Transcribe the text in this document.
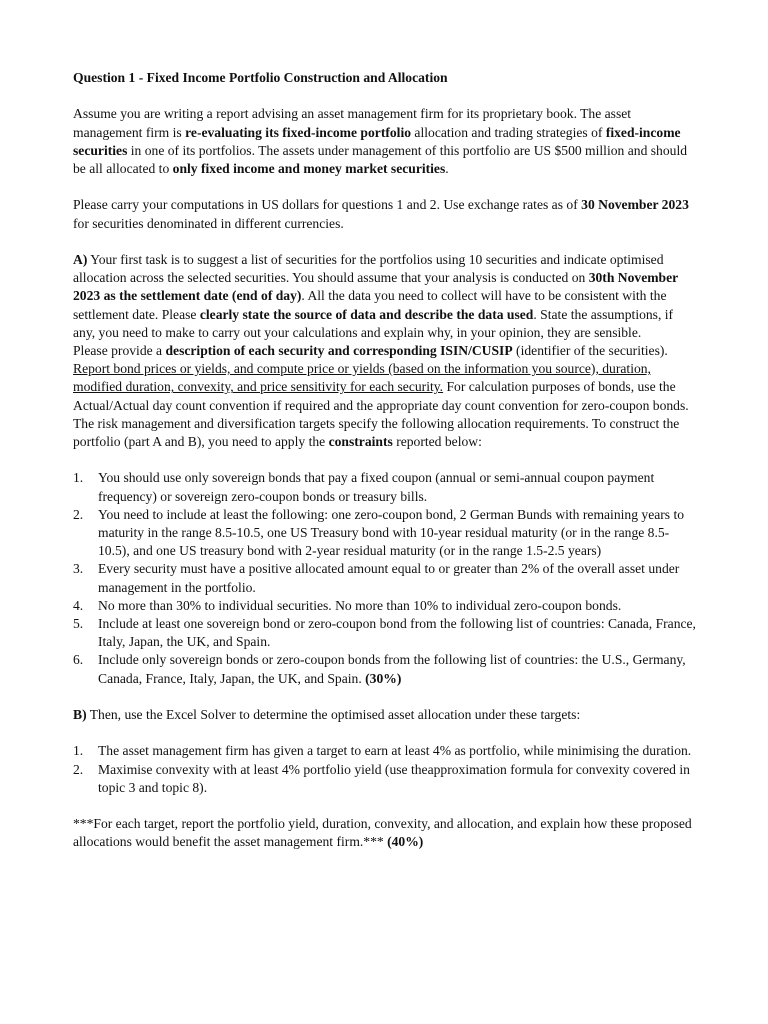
Question 1 - Fixed Income Portfolio Construction and Allocation

Assume you are writing a report advising an asset management firm for its proprietary book. The asset management firm is re-evaluating its fixed-income portfolio allocation and trading strategies of fixed-income securities in one of its portfolios. The assets under management of this portfolio are US $500 million and should be all allocated to only fixed income and money market securities.

Please carry your computations in US dollars for questions 1 and 2. Use exchange rates as of 30 November 2023 for securities denominated in different currencies.

A) Your first task is to suggest a list of securities for the portfolios using 10 securities and indicate optimised allocation across the selected securities. You should assume that your analysis is conducted on 30th November 2023 as the settlement date (end of day). All the data you need to collect will have to be consistent with the settlement date. Please clearly state the source of data and describe the data used. State the assumptions, if any, you need to make to carry out your calculations and explain why, in your opinion, they are sensible.

Please provide a description of each security and corresponding ISIN/CUSIP (identifier of the securities). Report bond prices or yields, and compute price or yields (based on the information you source), duration, modified duration, convexity, and price sensitivity for each security. For calculation purposes of bonds, use the Actual/Actual day count convention if required and the appropriate day count convention for zero-coupon bonds.

The risk management and diversification targets specify the following allocation requirements. To construct the portfolio (part A and B), you need to apply the constraints reported below:

1. You should use only sovereign bonds that pay a fixed coupon (annual or semi-annual coupon payment frequency) or sovereign zero-coupon bonds or treasury bills.
2. You need to include at least the following: one zero-coupon bond, 2 German Bunds with remaining years to maturity in the range 8.5-10.5, one US Treasury bond with 10-year residual maturity (or in the range 8.5-10.5), and one US treasury bond with 2-year residual maturity (or in the range 1.5-2.5 years)
3. Every security must have a positive allocated amount equal to or greater than 2% of the overall asset under management in the portfolio.
4. No more than 30% to individual securities. No more than 10% to individual zero-coupon bonds.
5. Include at least one sovereign bond or zero-coupon bond from the following list of countries: Canada, France, Italy, Japan, the UK, and Spain.
6. Include only sovereign bonds or zero-coupon bonds from the following list of countries: the U.S., Germany, Canada, France, Italy, Japan, the UK, and Spain. (30%)

B) Then, use the Excel Solver to determine the optimised asset allocation under these targets:

1. The asset management firm has given a target to earn at least 4% as portfolio, while minimising the duration.
2. Maximise convexity with at least 4% portfolio yield (use theapproximation formula for convexity covered in topic 3 and topic 8).

***For each target, report the portfolio yield, duration, convexity, and allocation, and explain how these proposed allocations would benefit the asset management firm.*** (40%)
